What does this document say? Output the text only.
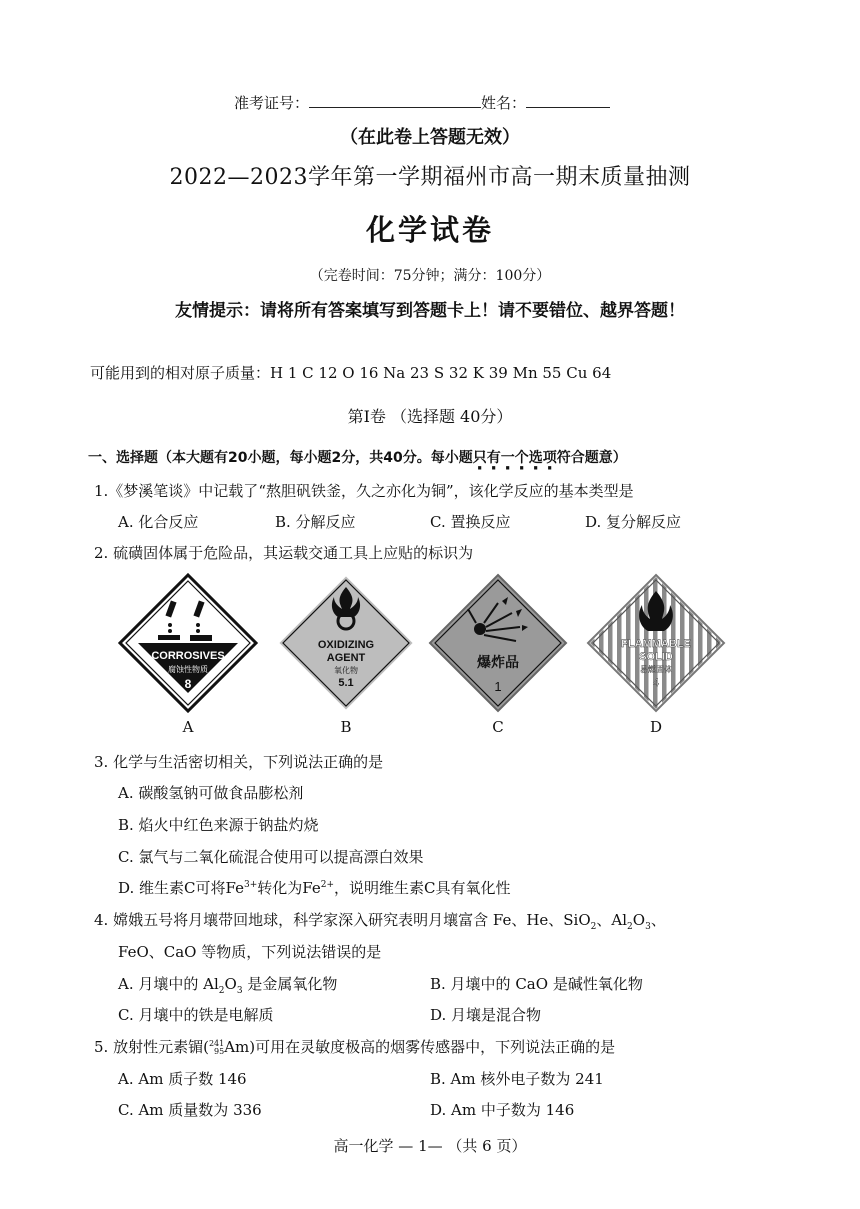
准考证号：	姓名：
（在此卷上答题无效）
2022—2023学年第一学期福州市高一期末质量抽测
化学试卷
（完卷时间：75分钟；满分：100分）
友情提示：请将所有答案填写到答题卡上！请不要错位、越界答题！
可能用到的相对原子质量：H 1 C 12 O 16 Na 23 S 32 K 39 Mn 55 Cu 64
第Ⅰ卷 （选择题 40分）
一、选择题（本大题有20小题，每小题2分，共40分。每小题只有一个选项符合题意）
1.《梦溪笔谈》中记载了“熬胆矾铁釜，久之亦化为铜”，该化学反应的基本类型是
A. 化合反应	B. 分解反应	C. 置换反应	D. 复分解反应
2. 硫磺固体属于危险品，其运载交通工具上应贴的标识为
CORROSIVES
腐蚀性物质
8
OXIDIZING
AGENT
氧化物
5.1
爆炸品
1
FLAMMABLE
SOLID
易燃固体
4
A	B	C	D
3. 化学与生活密切相关，下列说法正确的是
A. 碳酸氢钠可做食品膨松剂
B. 焰火中红色来源于钠盐灼烧
C. 氯气与二氧化硫混合使用可以提高漂白效果
D. 维生素C可将$Fe^{3+}$转化为$Fe^{2+}$，说明维生素C具有氧化性
4. 嫦娥五号将月壤带回地球，科学家深入研究表明月壤富含 Fe、He、SiO$_2$、$Al_2O_3$、
FeO、CaO 等物质，下列说法错误的是
A. 月壤中的 $Al_2O_3$ 是金属氧化物	B. 月壤中的 CaO 是碱性氧化物
C. 月壤中的铁是电解质	D. 月壤是混合物
5. 放射性元素镅( 241
95 Am)可用在灵敏度极高的烟雾传感器中，下列说法正确的是
A. Am 质子数 146	B. Am 核外电子数为 241
C. Am 质量数为 336	D. Am 中子数为 146
高一化学 — 1— （共 6 页）
